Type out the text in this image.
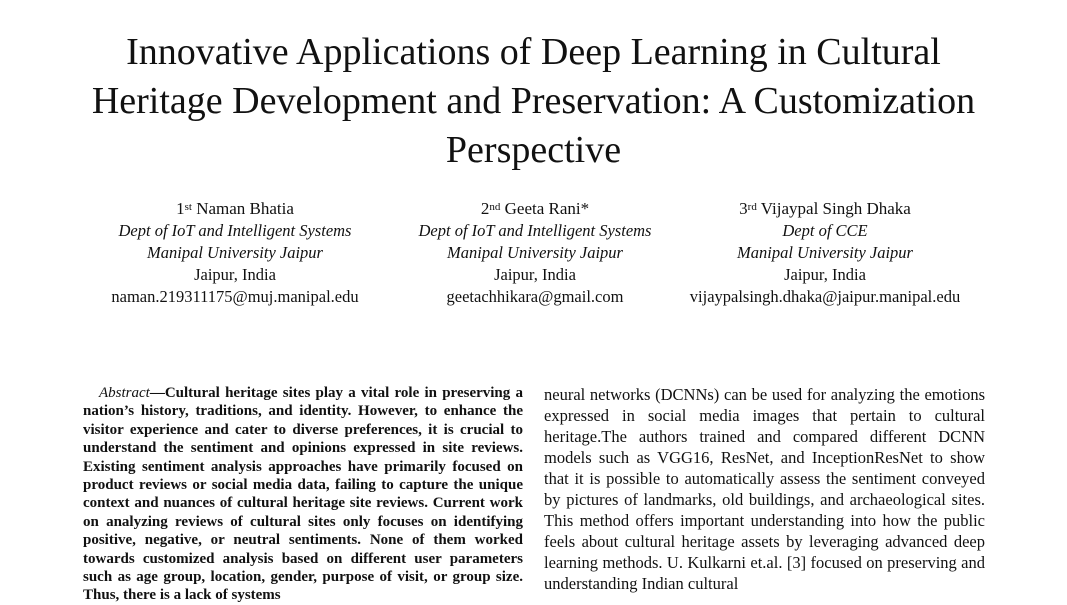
Innovative Applications of Deep Learning in Cultural Heritage Development and Preservation: A Customization Perspective
1st Naman Bhatia
Dept of IoT and Intelligent Systems
Manipal University Jaipur
Jaipur, India
naman.219311175@muj.manipal.edu
2nd Geeta Rani*
Dept of IoT and Intelligent Systems
Manipal University Jaipur
Jaipur, India
geetachhikara@gmail.com
3rd Vijaypal Singh Dhaka
Dept of CCE
Manipal University Jaipur
Jaipur, India
vijaypalsingh.dhaka@jaipur.manipal.edu
Abstract—Cultural heritage sites play a vital role in preserving a nation’s history, traditions, and identity. However, to enhance the visitor experience and cater to diverse preferences, it is crucial to understand the sentiment and opinions expressed in site reviews. Existing sentiment analysis approaches have primarily focused on product reviews or social media data, failing to capture the unique context and nuances of cultural heritage site reviews. Current work on analyzing reviews of cultural sites only focuses on identifying positive, negative, or neutral sentiments. None of them worked towards customized analysis based on different user parameters such as age group, location, gender, purpose of visit, or group size. Thus, there is a lack of systems
neural networks (DCNNs) can be used for analyzing the emotions expressed in social media images that pertain to cultural heritage.The authors trained and compared different DCNN models such as VGG16, ResNet, and InceptionResNet to show that it is possible to automatically assess the sentiment conveyed by pictures of landmarks, old buildings, and archaeological sites. This method offers important understanding into how the public feels about cultural heritage assets by leveraging advanced deep learning methods. U. Kulkarni et.al. [3] focused on preserving and understanding Indian cultural
